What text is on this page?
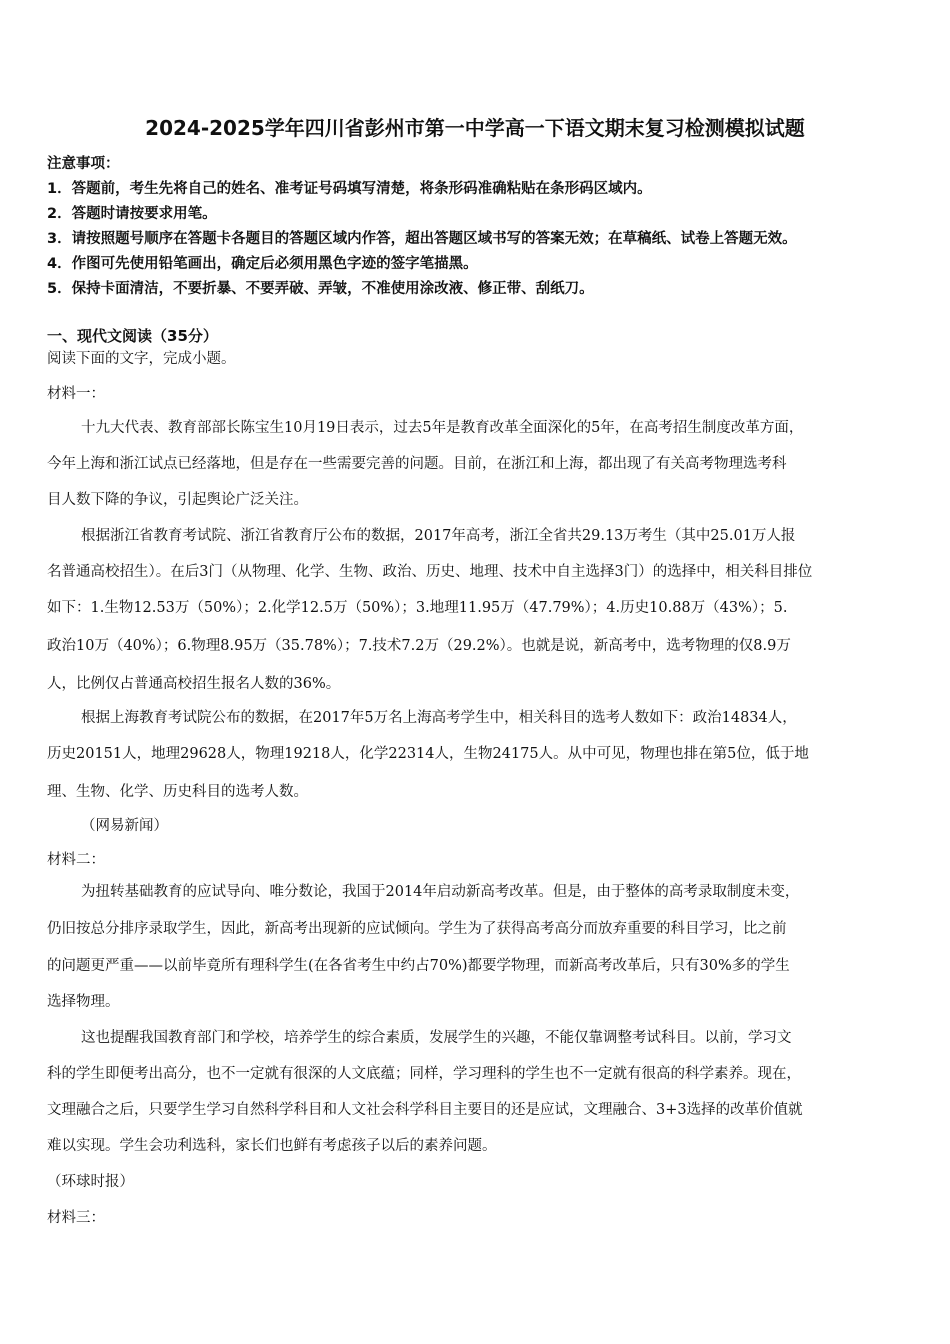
2024-2025学年四川省彭州市第一中学高一下语文期末复习检测模拟试题
注意事项：
1．答题前，考生先将自己的姓名、准考证号码填写清楚，将条形码准确粘贴在条形码区域内。
2．答题时请按要求用笔。
3．请按照题号顺序在答题卡各题目的答题区域内作答，超出答题区域书写的答案无效；在草稿纸、试卷上答题无效。
4．作图可先使用铅笔画出，确定后必须用黑色字迹的签字笔描黑。
5．保持卡面清洁，不要折暴、不要弄破、弄皱，不准使用涂改液、修正带、刮纸刀。
一、现代文阅读（35分）
阅读下面的文字，完成小题。
材料一：
十九大代表、教育部部长陈宝生10月19日表示，过去5年是教育改革全面深化的5年，在高考招生制度改革方面，
今年上海和浙江试点已经落地，但是存在一些需要完善的问题。目前，在浙江和上海，都出现了有关高考物理选考科
目人数下降的争议，引起舆论广泛关注。
根据浙江省教育考试院、浙江省教育厅公布的数据，2017年高考，浙江全省共29.13万考生（其中25.01万人报
名普通高校招生）。在后3门（从物理、化学、生物、政治、历史、地理、技术中自主选择3门）的选择中，相关科目排位
如下：1.生物12.53万（50%）；2.化学12.5万（50%）；3.地理11.95万（47.79%）；4.历史10.88万（43%）；5.
政治10万（40%）；6.物理8.95万（35.78%）；7.技术7.2万（29.2%）。也就是说，新高考中，选考物理的仅8.9万
人，比例仅占普通高校招生报名人数的36%。
根据上海教育考试院公布的数据，在2017年5万名上海高考学生中，相关科目的选考人数如下：政治14834人，
历史20151人，地理29628人，物理19218人，化学22314人，生物24175人。从中可见，物理也排在第5位，低于地
理、生物、化学、历史科目的选考人数。
（网易新闻）
材料二：
为扭转基础教育的应试导向、唯分数论，我国于2014年启动新高考改革。但是，由于整体的高考录取制度未变，
仍旧按总分排序录取学生，因此，新高考出现新的应试倾向。学生为了获得高考高分而放弃重要的科目学习，比之前
的问题更严重——以前毕竟所有理科学生(在各省考生中约占70%)都要学物理，而新高考改革后，只有30%多的学生
选择物理。
这也提醒我国教育部门和学校，培养学生的综合素质，发展学生的兴趣，不能仅靠调整考试科目。以前，学习文
科的学生即便考出高分，也不一定就有很深的人文底蕴；同样，学习理科的学生也不一定就有很高的科学素养。现在，
文理融合之后，只要学生学习自然科学科目和人文社会科学科目主要目的还是应试，文理融合、3+3选择的改革价值就
难以实现。学生会功利选科，家长们也鲜有考虑孩子以后的素养问题。
（环球时报）
材料三：
